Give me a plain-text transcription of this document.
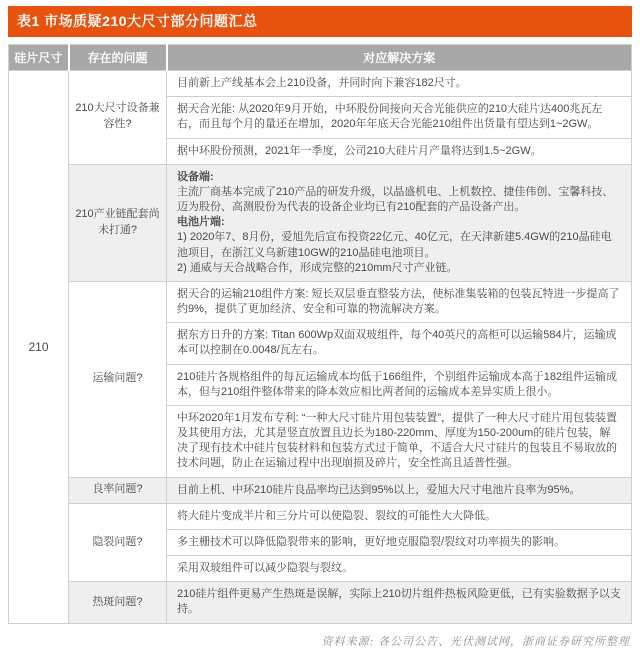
表1 市场质疑210大尺寸部分问题汇总
硅片尺寸	存在的问题	对应解决方案
210	210大尺寸设备兼容性?	目前新上产线基本会上210设备，并同时向下兼容182尺寸。

		据天合光能: 从2020年9月开始，中环股份间接向天合光能供应的210大硅片达400兆瓦左右，而且每个月的量还在增加，2020年年底天合光能210组件出货量有望达到1~2GW。

		据中环股份预测，2021年一季度，公司210大硅片月产量将达到1.5~2GW。

	210产业链配套尚未打通?	设备端:
主流厂商基本完成了210产品的研发升级，以晶盛机电、上机数控、捷佳伟创、宝馨科技、迈为股份、高测股份为代表的设备企业均已有210配套的产品设备产出。
电池片端:
1) 2020年7、8月份，爱旭先后宣布投资22亿元、40亿元，在天津新建5.4GW的210晶硅电池项目，在浙江义乌新建10GW的210晶硅电池项目。
2) 通威与天合战略合作，形成完整的210mm尺寸产业链。

	运输问题?	据天合的运输210组件方案: 短长双层垂直整装方法，使标准集装箱的包装瓦特进一步提高了约9%，提供了更加经济、安全和可靠的物流解决方案。

		据东方日升的方案: Titan 600Wp双面双玻组件，每个40英尺的高柜可以运输584片，运输成本可以控制在0.0048/瓦左右。

		210硅片各规格组件的每瓦运输成本均低于166组件，个别组件运输成本高于182组件运输成本，但与210组件整体带来的降本效应相比两者间的运输成本差异实质上很小。

		中环2020年1月发布专利: “一种大尺寸硅片用包装装置”，提供了一种大尺寸硅片用包装装置及其使用方法，尤其是竖直放置且边长为180-220mm、厚度为150-200um的硅片包装，解决了现有技术中硅片包装材料和包装方式过于简单，不适合大尺寸硅片的包装且不易取放的技术问题，防止在运输过程中出现崩损及碎片，安全性高且适普性强。

	良率问题?	目前上机、中环210硅片良品率均已达到95%以上，爱旭大尺寸电池片良率为95%。

	隐裂问题?	将大硅片变成半片和三分片可以使隐裂、裂纹的可能性大大降低。

		多主栅技术可以降低隐裂带来的影响，更好地克服隐裂/裂纹对功率损失的影响。

		采用双玻组件可以减少隐裂与裂纹。

	热斑问题?	210硅片组件更易产生热斑是误解，实际上210切片组件热板风险更低，已有实验数据予以支持。
资料来源: 各公司公告、光伏测试网，浙商证券研究所整理
